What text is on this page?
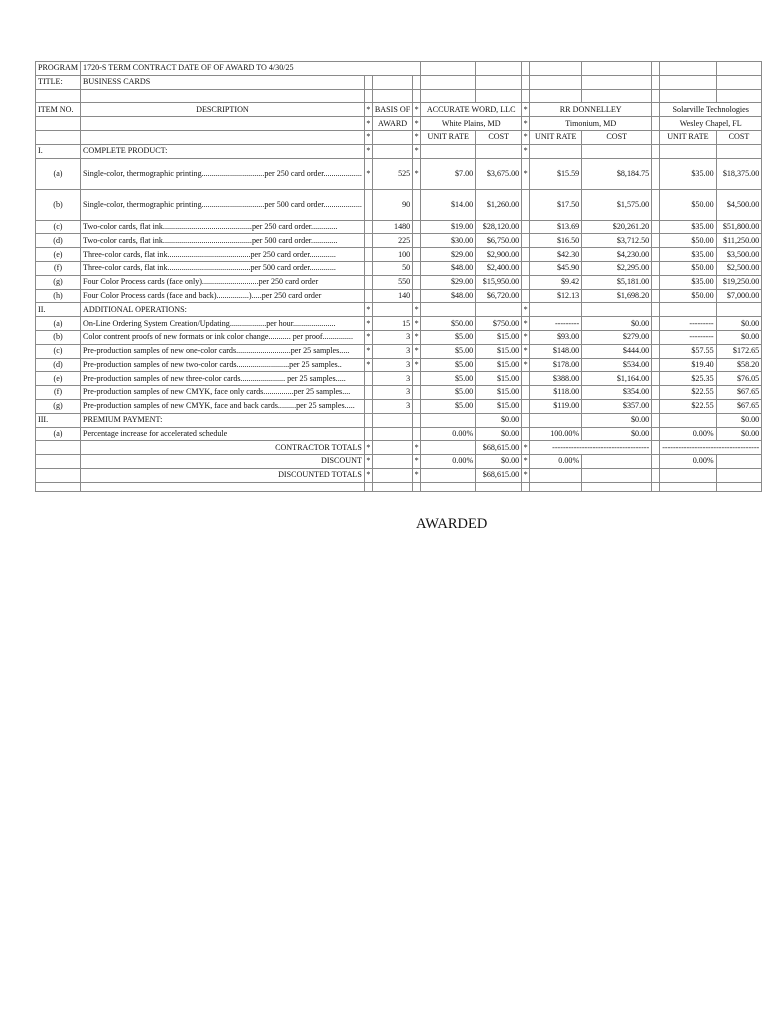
PROGRAM	1720-S TERM CONTRACT DATE OF OF AWARD TO 4/30/25											
TITLE:	BUSINESS CARDS											

ITEM NO.	DESCRIPTION	*	BASIS OF	*	ACCURATE WORD, LLC		*	RR DONNELLEY			Solarville Technologies	
		*	AWARD	*	White Plains, MD		*	Timonium, MD			Wesley Chapel, FL	
		*		*	UNIT RATE	COST	*	UNIT RATE	COST		UNIT RATE	COST
I.	COMPLETE PRODUCT:	*		*			*					
(a)	Single-color, thermographic printing...............................per 250 card order...................	*	525	*	$7.00	$3,675.00	*	$15.59	$8,184.75		$35.00	$18,375.00
(b)	Single-color, thermographic printing...............................per 500 card order...................		90		$14.00	$1,260.00		$17.50	$1,575.00		$50.00	$4,500.00
(c)	Two-color cards, flat ink............................................per 250 card order.............		1480		$19.00	$28,120.00		$13.69	$20,261.20		$35.00	$51,800.00
(d)	Two-color cards, flat ink............................................per 500 card order.............		225		$30.00	$6,750.00		$16.50	$3,712.50		$50.00	$11,250.00
(e)	Three-color cards, flat ink.........................................per 250 card order.............		100		$29.00	$2,900.00		$42.30	$4,230.00		$35.00	$3,500.00
(f)	Three-color cards, flat ink.........................................per 500 card order.............		50		$48.00	$2,400.00		$45.90	$2,295.00		$50.00	$2,500.00
(g)	Four Color Process cards (face only)............................per 250 card order		550		$29.00	$15,950.00		$9.42	$5,181.00		$35.00	$19,250.00
(h)	Four Color Process cards (face and back)................).....per 250 card order		140		$48.00	$6,720.00		$12.13	$1,698.20		$50.00	$7,000.00
II.	ADDITIONAL OPERATIONS:	*		*			*					
(a)	On-Line Ordering System Creation/Updating..................per hour.....................	*	15	*	$50.00	$750.00	*	---------	$0.00		---------	$0.00
(b)	Color contrent proofs of new formats or ink color change........... per proof...............	*	3	*	$5.00	$15.00	*	$93.00	$279.00		---------	$0.00
(c)	Pre-production samples of new one-color cards...........................per 25 samples.....	*	3	*	$5.00	$15.00	*	$148.00	$444.00		$57.55	$172.65
(d)	Pre-production samples of new two-color cards..........................per 25 samples..	*	3	*	$5.00	$15.00	*	$178.00	$534.00		$19.40	$58.20
(e)	Pre-production samples of new three-color cards...................... per 25 samples.....		3		$5.00	$15.00		$388.00	$1,164.00		$25.35	$76.05
(f)	Pre-production samples of new CMYK, face only cards...............per 25 samples....		3		$5.00	$15.00		$118.00	$354.00		$22.55	$67.65
(g)	Pre-production samples of new CMYK, face and back cards.........per 25 samples.....		3		$5.00	$15.00		$119.00	$357.00		$22.55	$67.65
III.	PREMIUM PAYMENT:					$0.00			$0.00			$0.00
(a)	Percentage increase for accelerated schedule				0.00%	$0.00		100.00%	$0.00		0.00%	$0.00
	CONTRACTOR TOTALS	*		*		$68,615.00	*	------------------------------------			------------------------------------	
	DISCOUNT	*		*	0.00%	$0.00	*	0.00%			0.00%	
	DISCOUNTED TOTALS	*		*		$68,615.00	*					

AWARDED
